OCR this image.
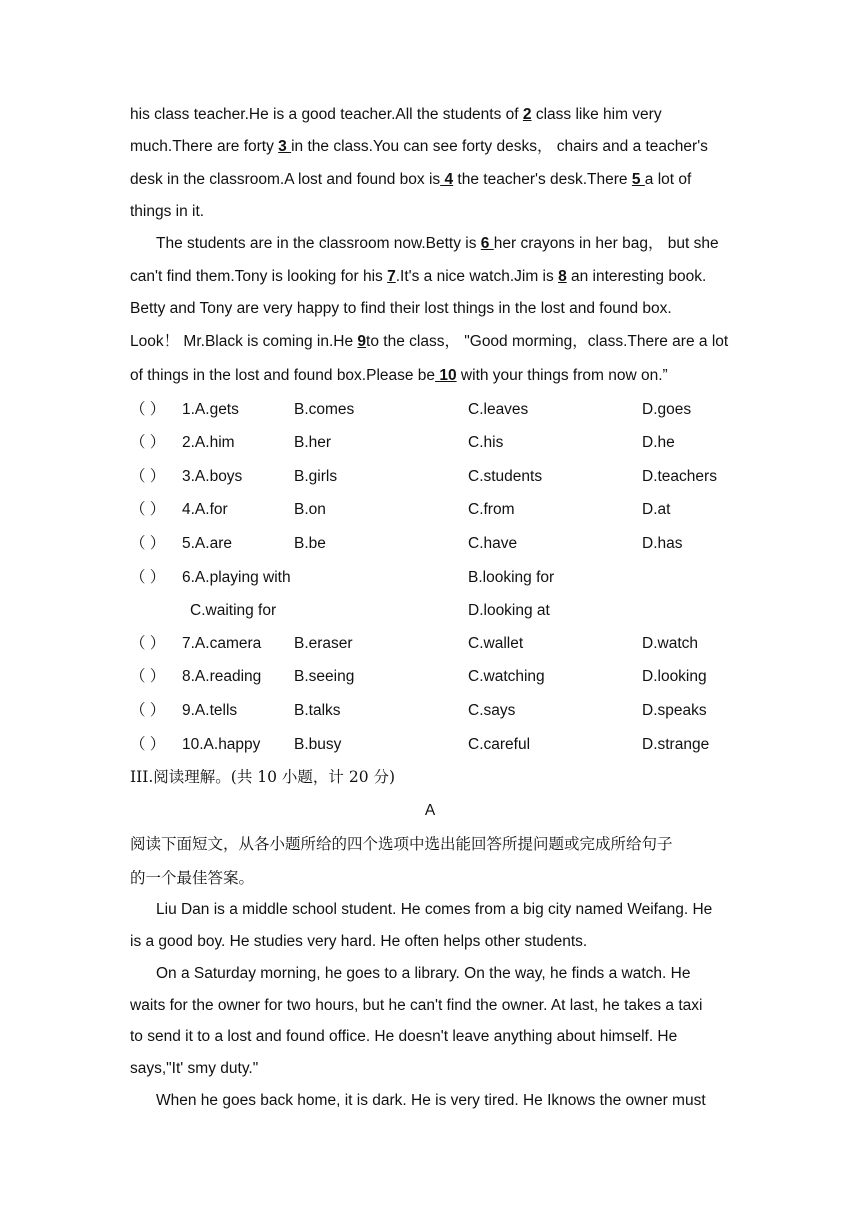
his class teacher.He is a good teacher.All the students of 2 class like him very
much.There are forty 3 in the class.You can see forty desks， chairs and a teacher's
desk in the classroom.A lost and found box is 4 the teacher's desk.There 5 a lot of
things in it.
The students are in the classroom now.Betty is 6 her crayons in her bag， but she
can't find them.Tony is looking for his 7.It's a nice watch.Jim is 8 an interesting book.
Betty and Tony are very happy to find their lost things in the lost and found box.
Look！ Mr.Black is coming in.He 9to the class， "Good morming，class.There are a lot
of things in the lost and found box.Please be 10 with your things from now on.”
（ ） 1.A.gets	B.comes	C.leaves	D.goes
（ ） 2.A.him	B.her	C.his	D.he
（ ） 3.A.boys	B.girls	C.students	D.teachers
（ ） 4.A.for	B.on	C.from	D.at
（ ） 5.A.are	B.be	C.have	D.has
（ ） 6.A.playing with	B.looking for
C.waiting for	D.looking at
（ ） 7.A.camera B.eraser	C.wallet	D.watch
（ ） 8.A.reading B.seeing	C.watching	D.looking
（ ） 9.A.tells	B.talks	C.says	D.speaks
（ ） 10.A.happy B.busy	C.careful	D.strange
III.阅读理解。(共 10 小题，计 20 分)
A
阅读下面短文，从各小题所给的四个选项中选出能回答所提问题或完成所给句子
的一个最佳答案。
Liu Dan is a middle school student. He comes from a big city named Weifang. He
is a good boy. He studies very hard. He often helps other students.
On a Saturday morning, he goes to a library. On the way, he finds a watch. He
waits for the owner for two hours, but he can't find the owner. At last, he takes a taxi
to send it to a lost and found office. He doesn't leave anything about himself. He
says,"It' smy duty."
When he goes back home, it is dark. He is very tired. He Iknows the owner must
